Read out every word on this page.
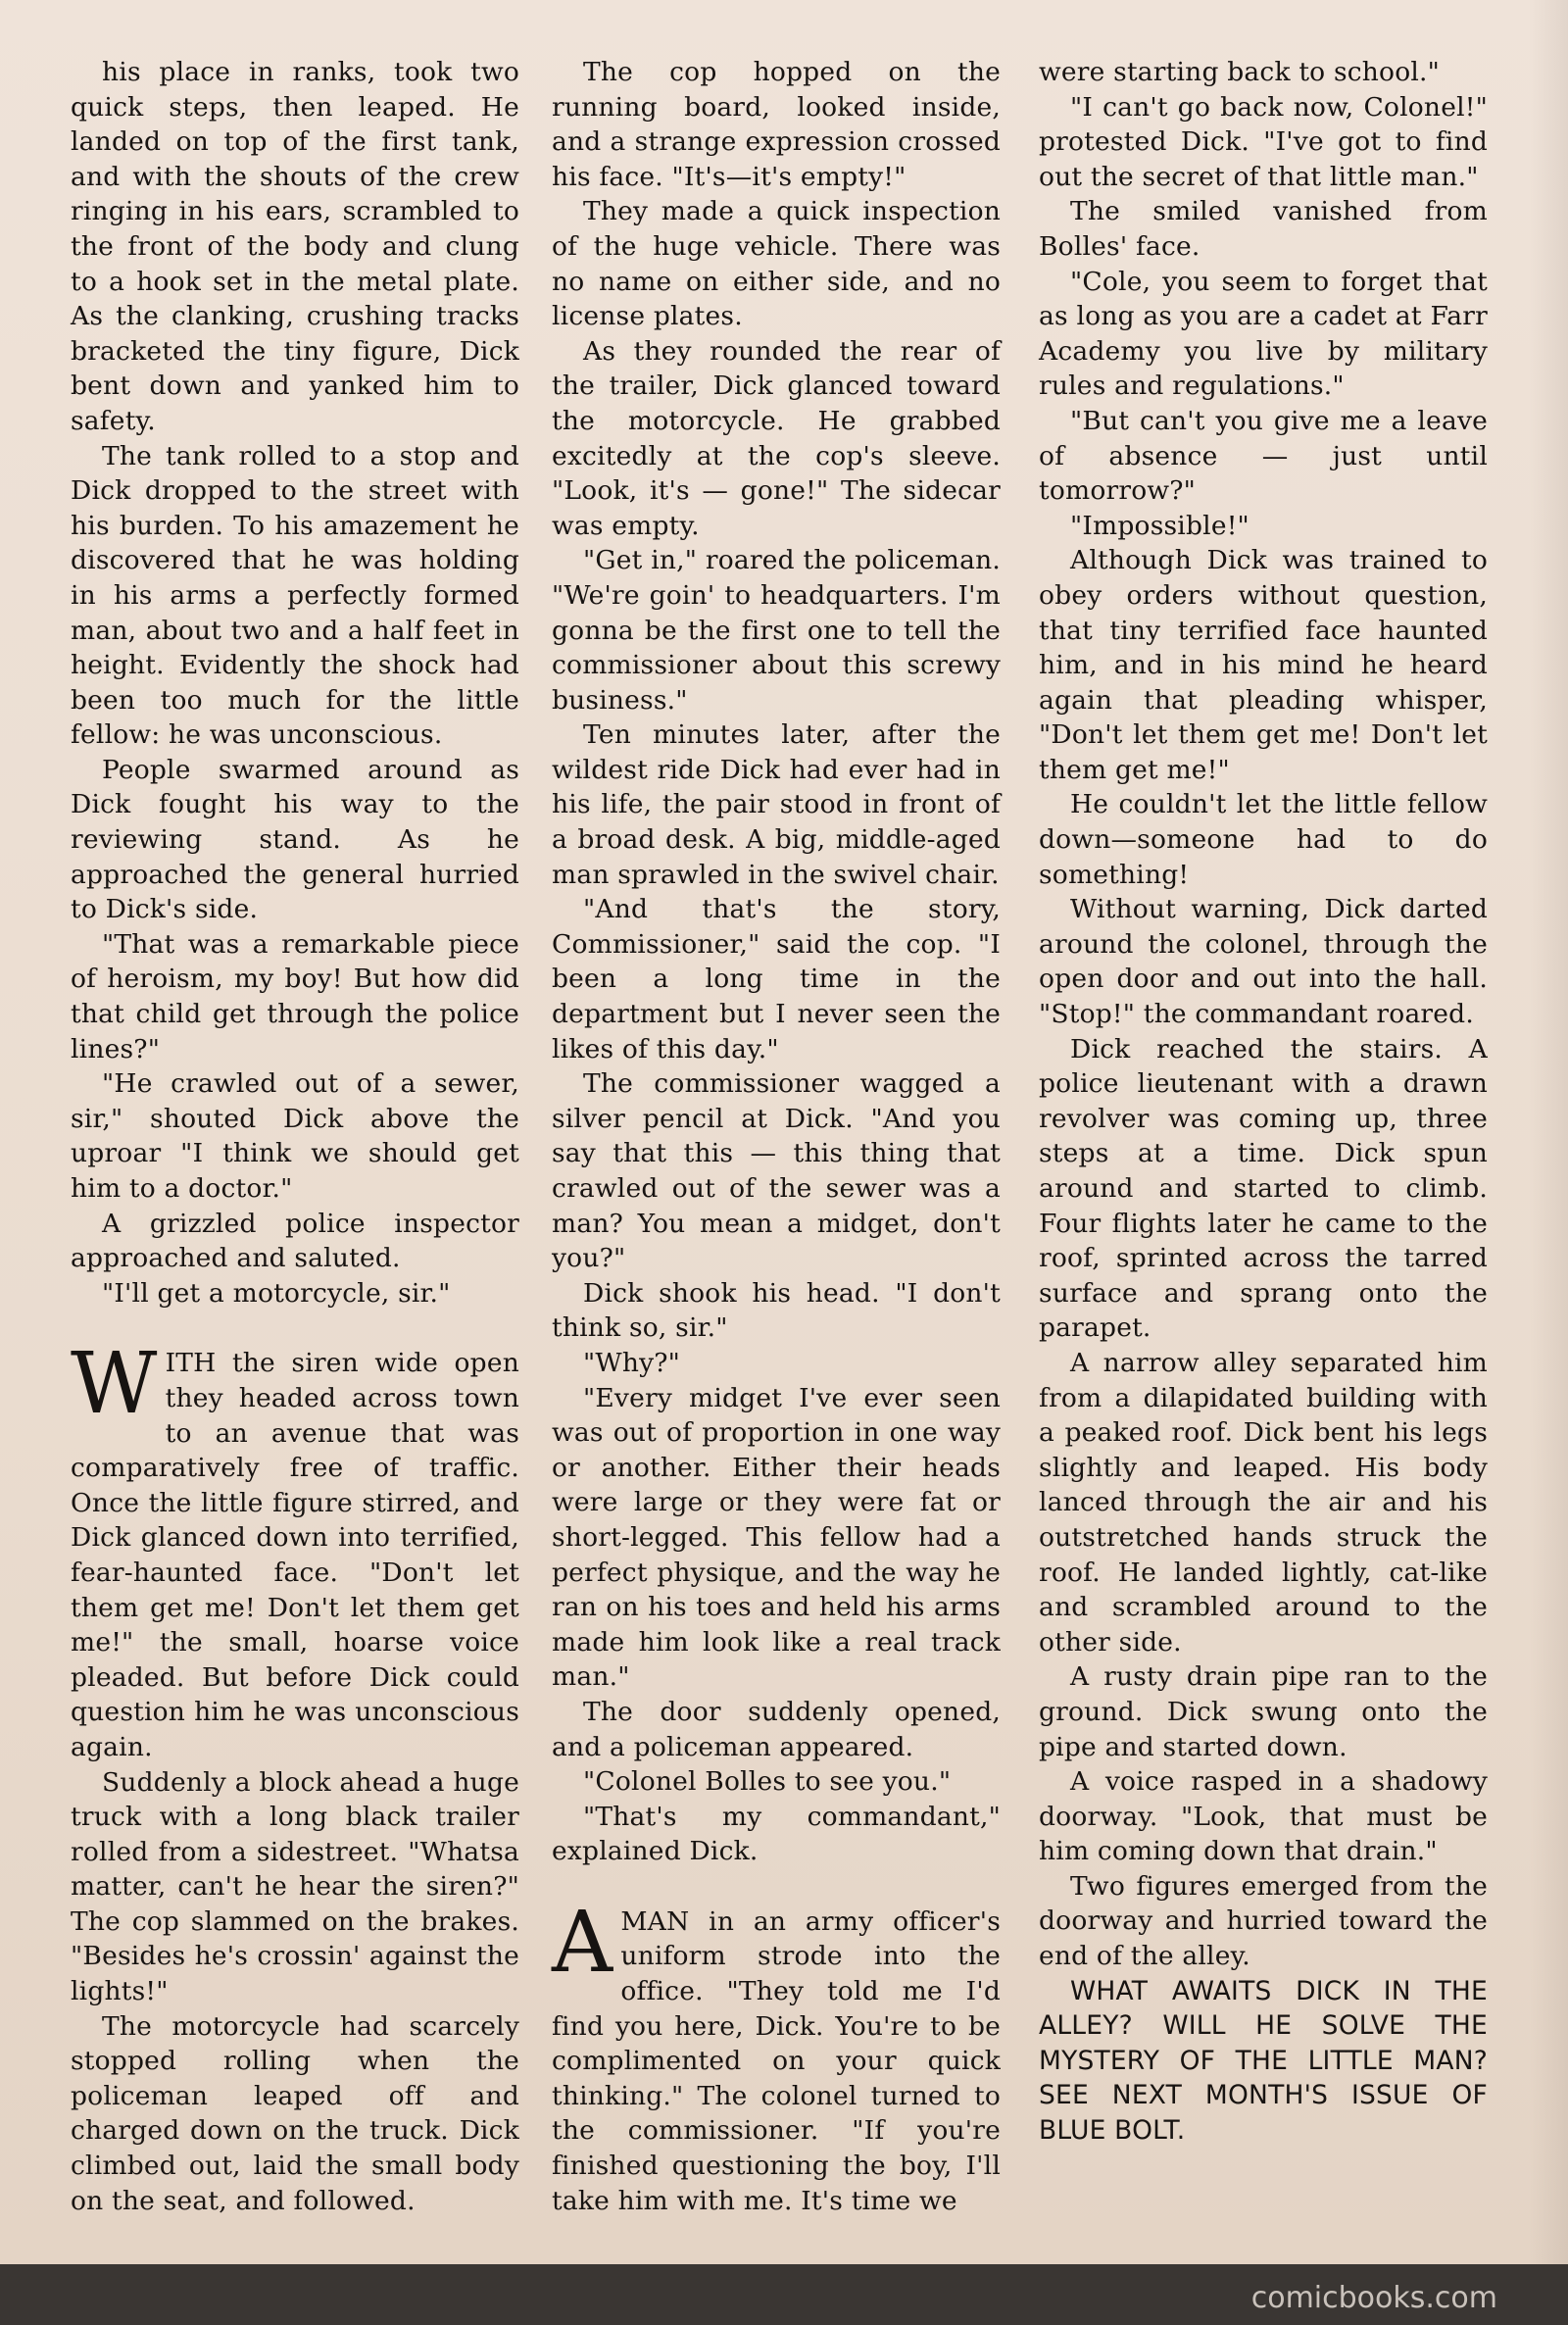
his place in ranks, took two quick steps, then leaped. He landed on top of the first tank, and with the shouts of the crew ringing in his ears, scrambled to the front of the body and clung to a hook set in the metal plate. As the clanking, crushing tracks bracketed the tiny figure, Dick bent down and yanked him to safety.

The tank rolled to a stop and Dick dropped to the street with his burden. To his amazement he discovered that he was holding in his arms a perfectly formed man, about two and a half feet in height. Evidently the shock had been too much for the little fellow: he was unconscious.

People swarmed around as Dick fought his way to the reviewing stand. As he approached the general hurried to Dick's side.

"That was a remarkable piece of heroism, my boy! But how did that child get through the police lines?"

"He crawled out of a sewer, sir," shouted Dick above the uproar "I think we should get him to a doctor."

A grizzled police inspector approached and saluted.

"I'll get a motorcycle, sir."

WITH the siren wide open they headed across town to an avenue that was comparatively free of traffic. Once the little figure stirred, and Dick glanced down into terrified, fear-haunted face. "Don't let them get me! Don't let them get me!" the small, hoarse voice pleaded. But before Dick could question him he was unconscious again.

Suddenly a block ahead a huge truck with a long black trailer rolled from a sidestreet. "Whatsa matter, can't he hear the siren?" The cop slammed on the brakes. "Besides he's crossin' against the lights!"

The motorcycle had scarcely stopped rolling when the policeman leaped off and charged down on the truck. Dick climbed out, laid the small body on the seat, and followed.

The cop hopped on the running board, looked inside, and a strange expression crossed his face. "It's—it's empty!"

They made a quick inspection of the huge vehicle. There was no name on either side, and no license plates.

As they rounded the rear of the trailer, Dick glanced toward the motorcycle. He grabbed excitedly at the cop's sleeve. "Look, it's — gone!" The sidecar was empty.

"Get in," roared the policeman. "We're goin' to headquarters. I'm gonna be the first one to tell the commissioner about this screwy business."

Ten minutes later, after the wildest ride Dick had ever had in his life, the pair stood in front of a broad desk. A big, middle-aged man sprawled in the swivel chair.

"And that's the story, Commissioner," said the cop. "I been a long time in the department but I never seen the likes of this day."

The commissioner wagged a silver pencil at Dick. "And you say that this — this thing that crawled out of the sewer was a man? You mean a midget, don't you?"

Dick shook his head. "I don't think so, sir."

"Why?"

"Every midget I've ever seen was out of proportion in one way or another. Either their heads were large or they were fat or short-legged. This fellow had a perfect physique, and the way he ran on his toes and held his arms made him look like a real track man."

The door suddenly opened, and a policeman appeared.

"Colonel Bolles to see you."

"That's my commandant," explained Dick.

AMAN in an army officer's uniform strode into the office. "They told me I'd find you here, Dick. You're to be complimented on your quick thinking." The colonel turned to the commissioner. "If you're finished questioning the boy, I'll take him with me. It's time we

were starting back to school."

"I can't go back now, Colonel!" protested Dick. "I've got to find out the secret of that little man."

The smiled vanished from Bolles' face.

"Cole, you seem to forget that as long as you are a cadet at Farr Academy you live by military rules and regulations."

"But can't you give me a leave of absence — just until tomorrow?"

"Impossible!"

Although Dick was trained to obey orders without question, that tiny terrified face haunted him, and in his mind he heard again that pleading whisper, "Don't let them get me! Don't let them get me!"

He couldn't let the little fellow down—someone had to do something!

Without warning, Dick darted around the colonel, through the open door and out into the hall. "Stop!" the commandant roared.

Dick reached the stairs. A police lieutenant with a drawn revolver was coming up, three steps at a time. Dick spun around and started to climb. Four flights later he came to the roof, sprinted across the tarred surface and sprang onto the parapet.

A narrow alley separated him from a dilapidated building with a peaked roof. Dick bent his legs slightly and leaped. His body lanced through the air and his outstretched hands struck the roof. He landed lightly, cat-like and scrambled around to the other side.

A rusty drain pipe ran to the ground. Dick swung onto the pipe and started down.

A voice rasped in a shadowy doorway. "Look, that must be him coming down that drain."

Two figures emerged from the doorway and hurried toward the end of the alley.

WHAT AWAITS DICK IN THE ALLEY? WILL HE SOLVE THE MYSTERY OF THE LITTLE MAN? SEE NEXT MONTH'S ISSUE OF BLUE BOLT.

comicbooks.com
